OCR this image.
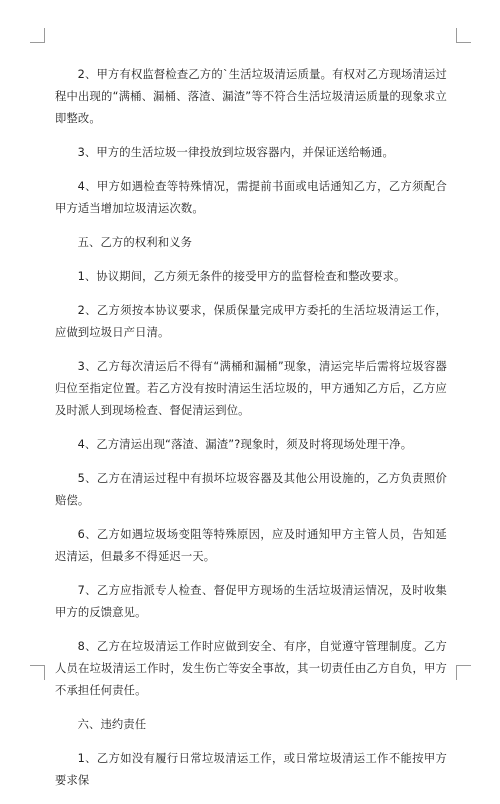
2、甲方有权监督检查乙方的`生活垃圾清运质量。有权对乙方现场清运过程中出现的“满桶、漏桶、落渣、漏渣”等不符合生活垃圾清运质量的现象求立即整改。

3、甲方的生活垃圾一律投放到垃圾容器内，并保证送给畅通。

4、甲方如遇检查等特殊情况，需提前书面或电话通知乙方，乙方须配合甲方适当增加垃圾清运次数。

五、乙方的权利和义务

1、协议期间，乙方须无条件的接受甲方的监督检查和整改要求。

2、乙方须按本协议要求，保质保量完成甲方委托的生活垃圾清运工作，应做到垃圾日产日清。

3、乙方每次清运后不得有“满桶和漏桶”现象，清运完毕后需将垃圾容器归位至指定位置。若乙方没有按时清运生活垃圾的，甲方通知乙方后，乙方应及时派人到现场检查、督促清运到位。

4、乙方清运出现“落渣、漏渣”?现象时，须及时将现场处理干净。

5、乙方在清运过程中有损坏垃圾容器及其他公用设施的，乙方负责照价赔偿。

6、乙方如遇垃圾场变阻等特殊原因，应及时通知甲方主管人员，告知延迟清运，但最多不得延迟一天。

7、乙方应指派专人检查、督促甲方现场的生活垃圾清运情况，及时收集甲方的反馈意见。

8、乙方在垃圾清运工作时应做到安全、有序，自觉遵守管理制度。乙方人员在垃圾清运工作时，发生伤亡等安全事故，其一切责任由乙方自负，甲方不承担任何责任。

六、违约责任

1、乙方如没有履行日常垃圾清运工作，或日常垃圾清运工作不能按甲方要求保
